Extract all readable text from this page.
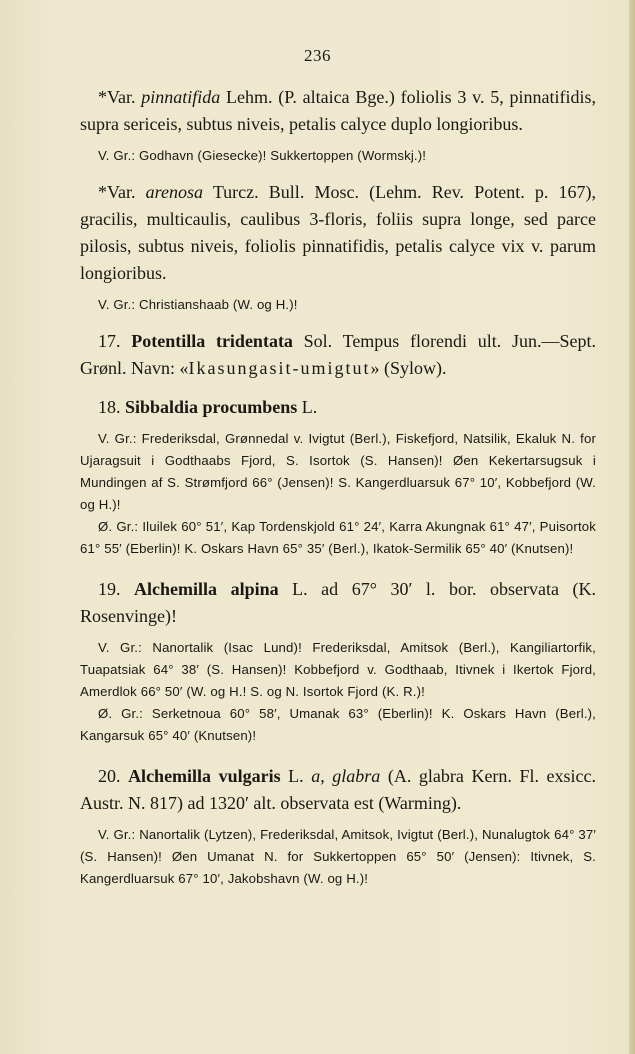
236

*Var. pinnatifida Lehm. (P. altaica Bge.) foliolis 3 v. 5, pinnatifidis, supra sericeis, subtus niveis, petalis calyce duplo longioribus.

V. Gr.: Godhavn (Giesecke)! Sukkertoppen (Wormskj.)!

*Var. arenosa Turcz. Bull. Mosc. (Lehm. Rev. Potent. p. 167), gracilis, multicaulis, caulibus 3-floris, foliis supra longe, sed parce pilosis, subtus niveis, foliolis pinnatifidis, petalis calyce vix v. parum longioribus.

V. Gr.: Christianshaab (W. og H.)!

17. Potentilla tridentata Sol. Tempus florendi ult. Jun.—Sept. Grønl. Navn: «Ikasungasit-umigtut» (Sylow).

18. Sibbaldia procumbens L.

V. Gr.: Frederiksdal, Grønnedal v. Ivigtut (Berl.), Fiskefjord, Natsilik, Ekaluk N. for Ujaragsuit i Godthaabs Fjord, S. Isortok (S. Hansen)! Øen Kekertarsugsuk i Mundingen af S. Strømfjord 66° (Jensen)! S. Kangerdluarsuk 67° 10′, Kobbefjord (W. og H.)!

Ø. Gr.: Iluilek 60° 51′, Kap Tordenskjold 61° 24′, Karra Akungnak 61° 47′, Puisortok 61° 55′ (Eberlin)! K. Oskars Havn 65° 35′ (Berl.), Ikatok-Sermilik 65° 40′ (Knutsen)!

19. Alchemilla alpina L. ad 67° 30′ l. bor. observata (K. Rosenvinge)!

V. Gr.: Nanortalik (Isac Lund)! Frederiksdal, Amitsok (Berl.), Kangiliartorfik, Tuapatsiak 64° 38′ (S. Hansen)! Kobbefjord v. Godthaab, Itivnek i Ikertok Fjord, Amerdlok 66° 50′ (W. og H.! S. og N. Isortok Fjord (K. R.)!

Ø. Gr.: Serketnoua 60° 58′, Umanak 63° (Eberlin)! K. Oskars Havn (Berl.), Kangarsuk 65° 40′ (Knutsen)!

20. Alchemilla vulgaris L. a, glabra (A. glabra Kern. Fl. exsicc. Austr. N. 817) ad 1320′ alt. observata est (Warming).

V. Gr.: Nanortalik (Lytzen), Frederiksdal, Amitsok, Ivigtut (Berl.), Nunalugtok 64° 37′ (S. Hansen)! Øen Umanat N. for Sukkertoppen 65° 50′ (Jensen): Itivnek, S. Kangerdluarsuk 67° 10′, Jakobshavn (W. og H.)!
